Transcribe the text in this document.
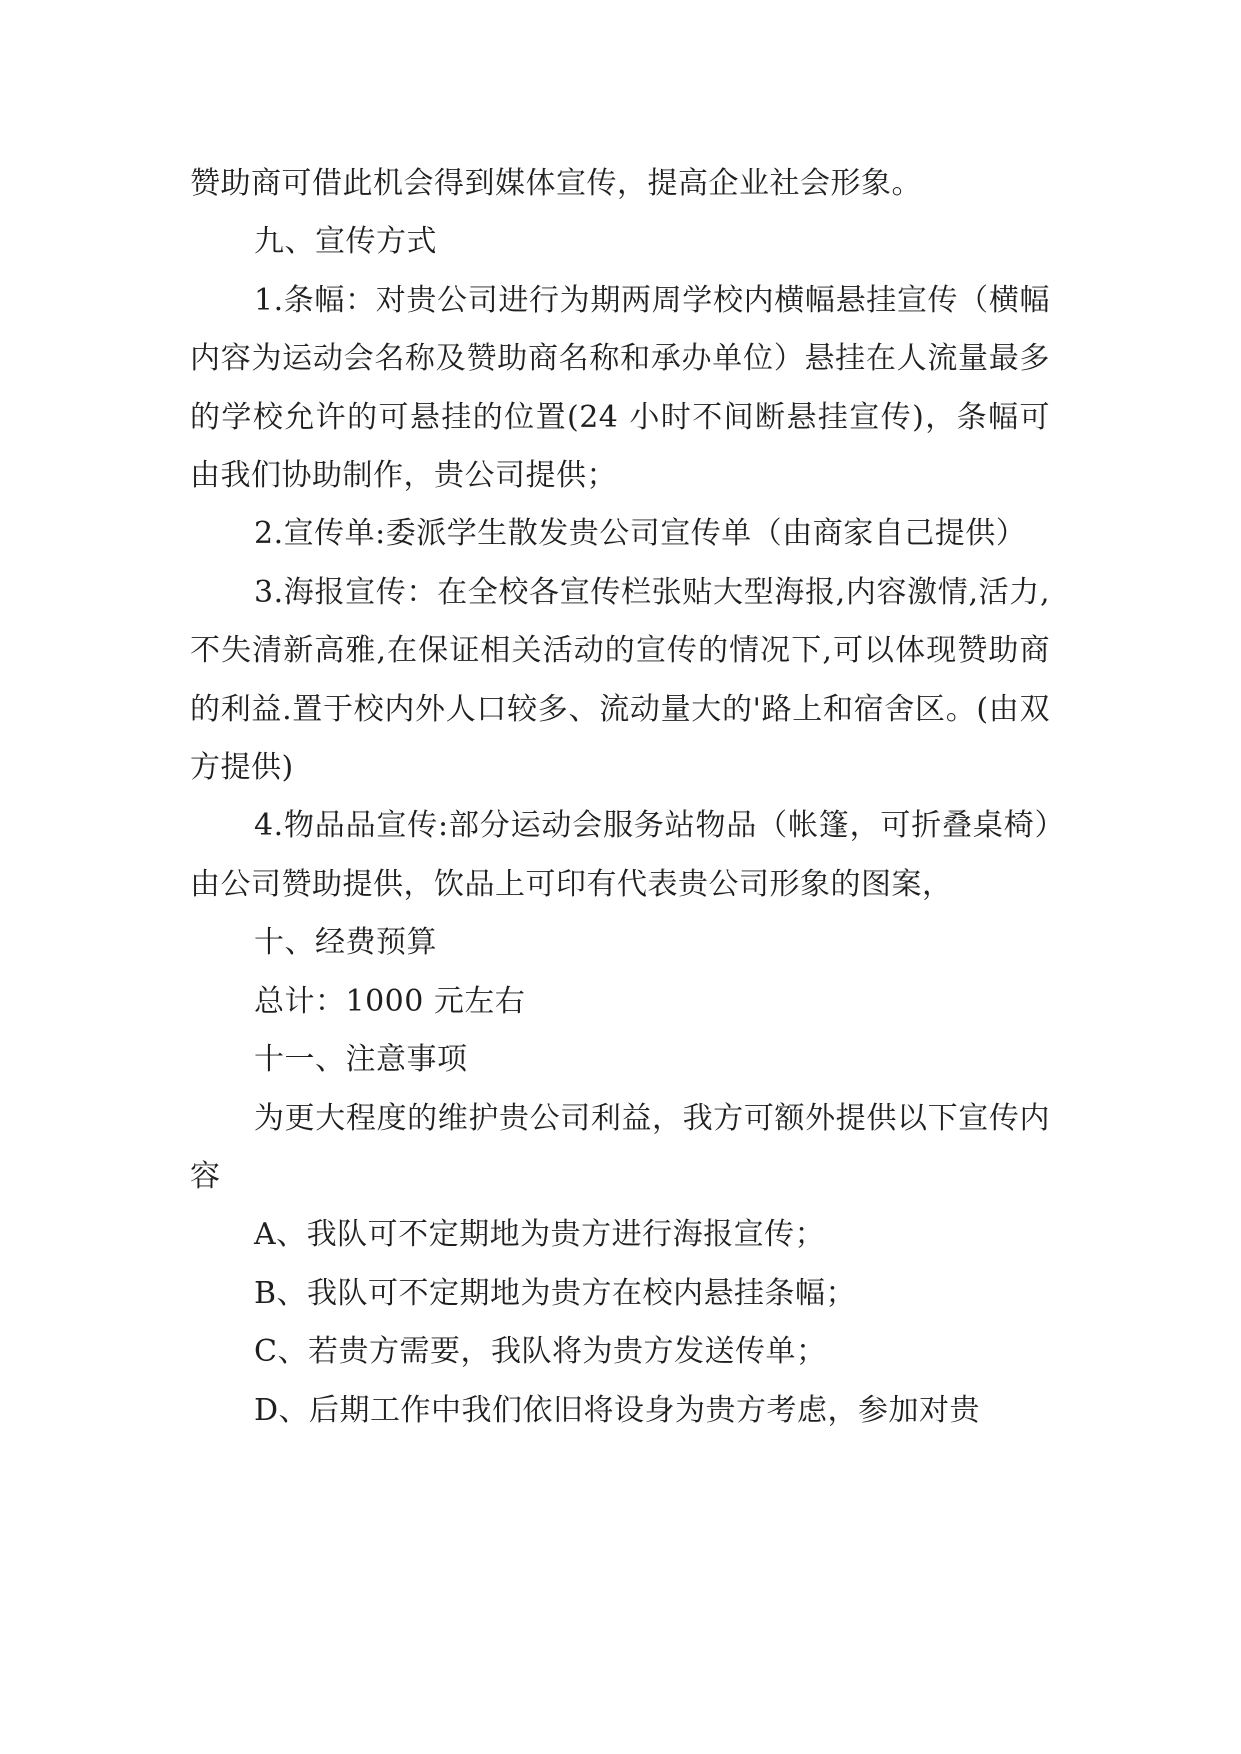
赞助商可借此机会得到媒体宣传，提高企业社会形象。

九、宣传方式

1.条幅：对贵公司进行为期两周学校内横幅悬挂宣传（横幅内容为运动会名称及赞助商名称和承办单位）悬挂在人流量最多的学校允许的可悬挂的位置(24 小时不间断悬挂宣传)，条幅可由我们协助制作，贵公司提供；

2.宣传单:委派学生散发贵公司宣传单（由商家自己提供）

3.海报宣传：在全校各宣传栏张贴大型海报,内容激情,活力,不失清新高雅,在保证相关活动的宣传的情况下,可以体现赞助商的利益.置于校内外人口较多、流动量大的'路上和宿舍区。(由双方提供)

4.物品品宣传:部分运动会服务站物品（帐篷，可折叠桌椅）由公司赞助提供，饮品上可印有代表贵公司形象的图案，

十、经费预算

总计：1000 元左右

十一、注意事项

为更大程度的维护贵公司利益，我方可额外提供以下宣传内容

A、我队可不定期地为贵方进行海报宣传；

B、我队可不定期地为贵方在校内悬挂条幅；

C、若贵方需要，我队将为贵方发送传单；

D、后期工作中我们依旧将设身为贵方考虑，参加对贵
